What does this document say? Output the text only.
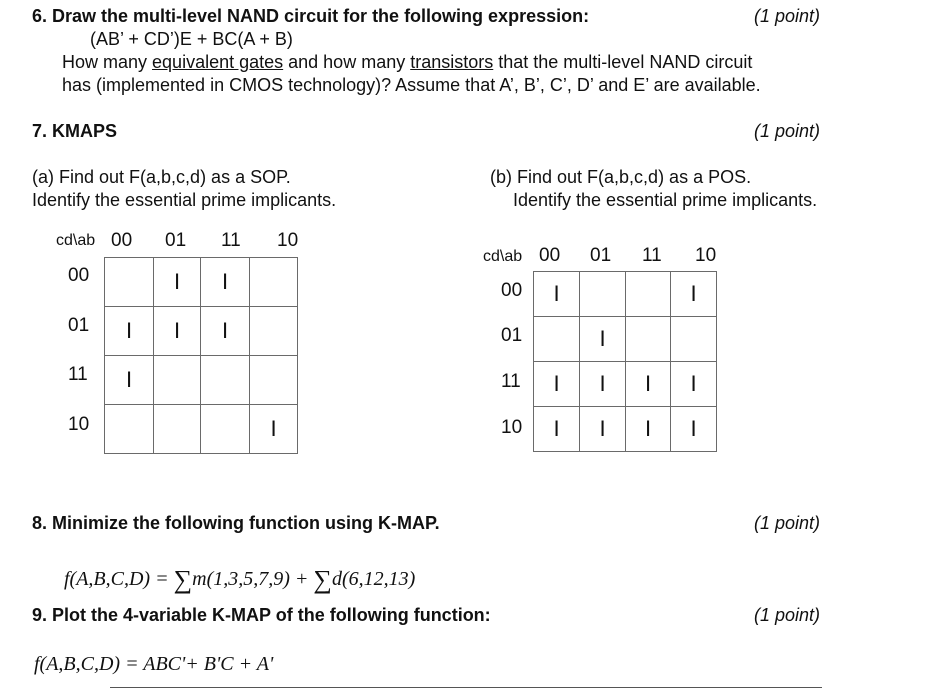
6. Draw the multi-level NAND circuit for the following expression:	(1 point)
(AB’ + CD’)E + BC(A + B)
How many equivalent gates and how many transistors that the multi-level NAND circuit
has (implemented in CMOS technology)? Assume that A’, B’, C’, D’ and E’ are available.
7. KMAPS	(1 point)
(a) Find out F(a,b,c,d) as a SOP.
Identify the essential prime implicants.
(b) Find out F(a,b,c,d) as a POS.
Identify the essential prime implicants.
cd\ab 00 01 11 10
00
01
11
10
	I	I	
I	I	I	
I			
			I
cd\ab 00 01 11 10
00
01
11
10
I			I
	I		
I	I	I	I
I	I	I	I
8. Minimize the following function using K-MAP.	(1 point)
f(A,B,C,D) = ∑m(1,3,5,7,9) + ∑d(6,12,13)
9. Plot the 4-variable K-MAP of the following function:	(1 point)
f(A,B,C,D) = ABC'+ B'C + A'
